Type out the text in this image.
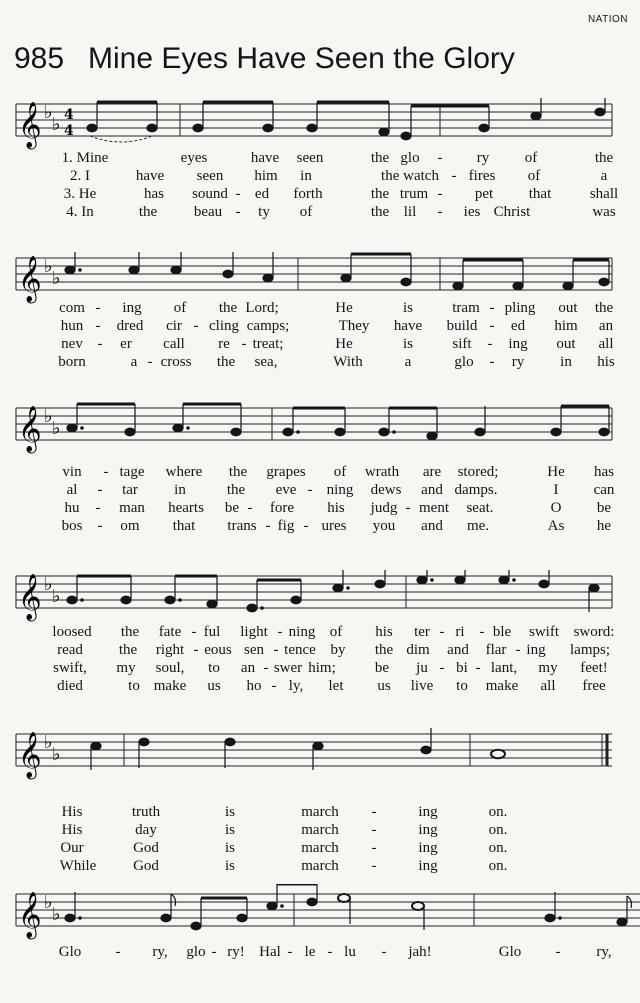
NATION
985 Mine Eyes Have Seen the Glory
𝄞 ♭
♭ 4
4
1. Mine	eyes	have seen	the glo - ry of	the
2. I	have seen him in	the watch - fires of	a
3. He	has sound - ed forth	the trum - pet that	shall
4. In	the beau - ty of	the lil - ies Christ	was
𝄞 ♭
♭
com - ing of the Lord;	He	is	tram - pling out the
hun - dred cir - cling camps;	They have build - ed him an
nev - er call re - treat;	He	is	sift - ing out all
born	a - cross the sea,	With	a	glo - ry in his
𝄞 ♭
♭
vin - tage where the grapes of wrath are stored;	He has
al - tar in	the eve - ning dews and damps.	I can
hu - man hearts be - fore his judg - ment seat.	O be
bos - om that trans - fig - ures you and me.	As he
𝄞 ♭
♭
loosed the fate - ful light - ning of his ter - ri - ble swift sword:
read the right - eous sen - tence by the dim and flar - ing lamps;
swift, my soul, to an - swer him;	be ju - bi - lant, my feet!
died	to make us ho - ly, let us live to make all free
𝄞 ♭
♭
His	truth	is	march -	ing	on.
His	day	is	march -	ing	on.
Our	God	is	march -	ing	on.
While God	is	march -	ing	on.
𝄞 ♭
♭
Glo - ry, glo - ry! Hal - le - lu - jah!	Glo - ry,
